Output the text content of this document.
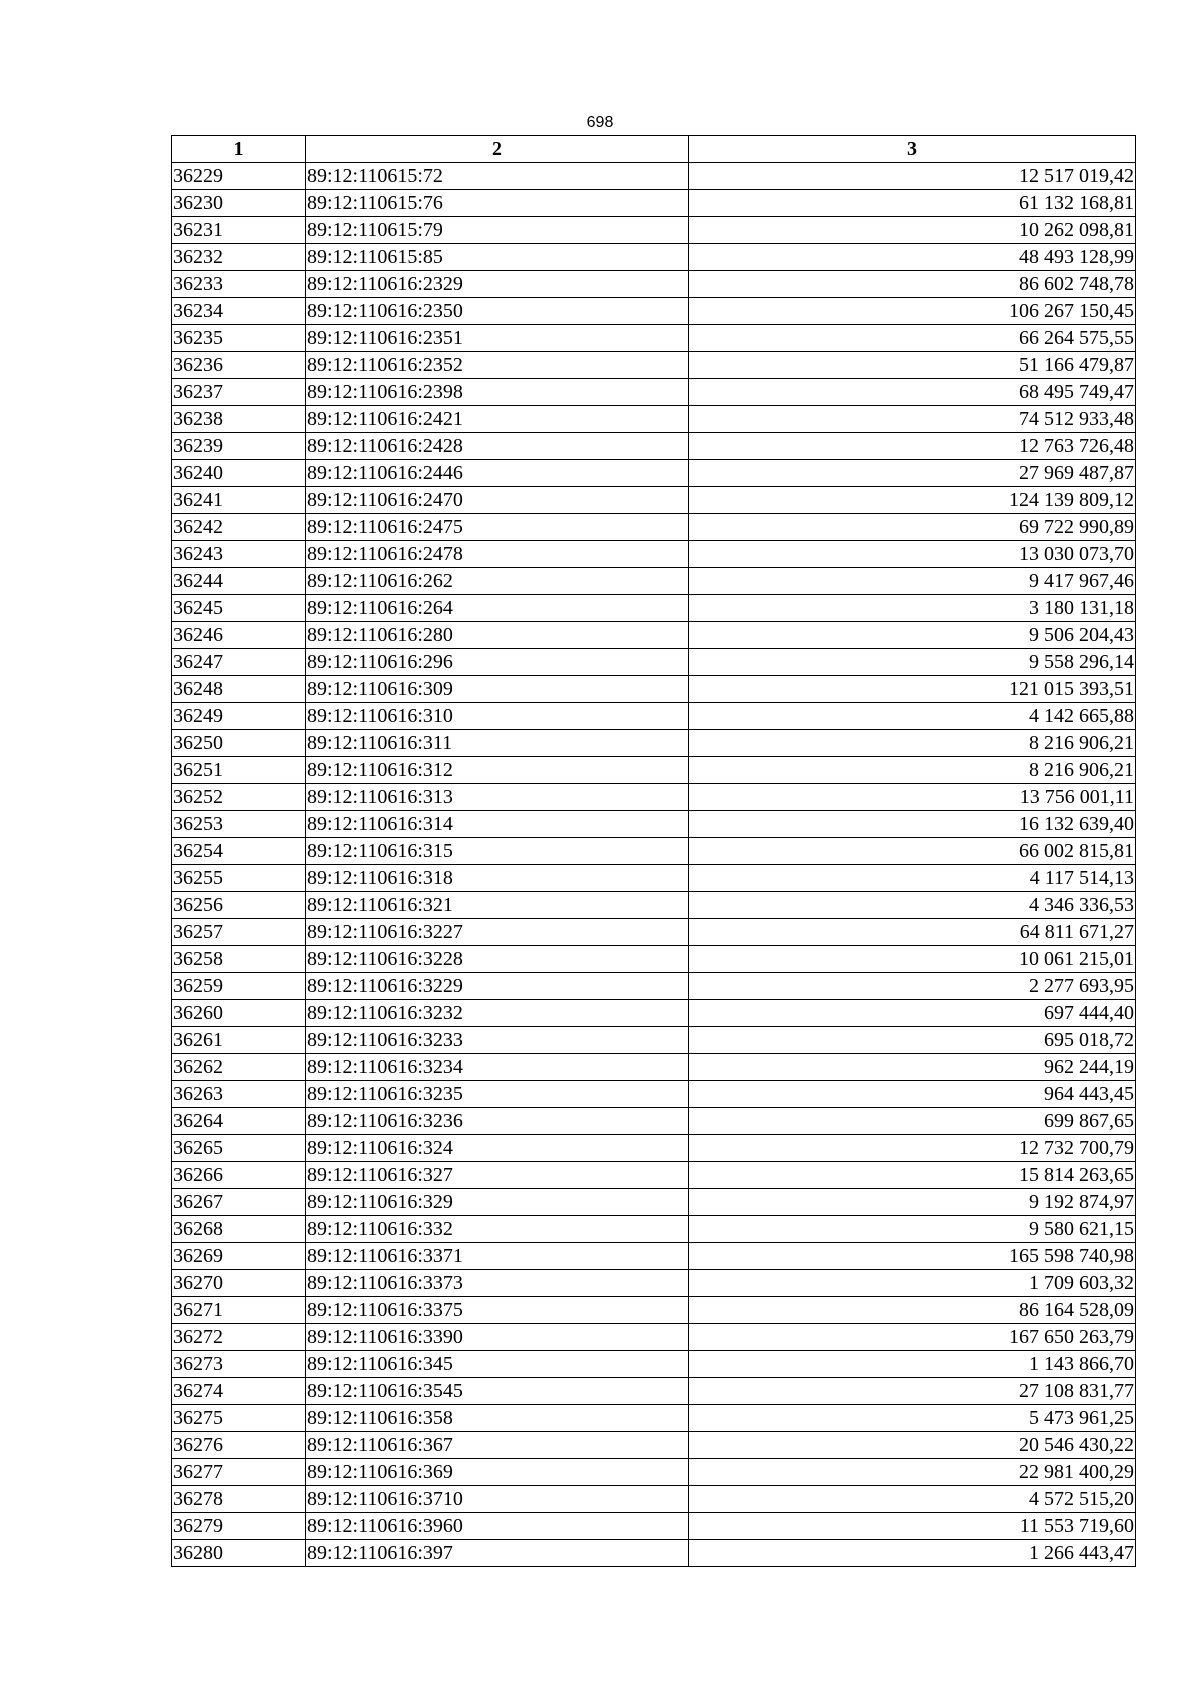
698
1	2	3
36229	89:12:110615:72	12 517 019,42
36230	89:12:110615:76	61 132 168,81
36231	89:12:110615:79	10 262 098,81
36232	89:12:110615:85	48 493 128,99
36233	89:12:110616:2329	86 602 748,78
36234	89:12:110616:2350	106 267 150,45
36235	89:12:110616:2351	66 264 575,55
36236	89:12:110616:2352	51 166 479,87
36237	89:12:110616:2398	68 495 749,47
36238	89:12:110616:2421	74 512 933,48
36239	89:12:110616:2428	12 763 726,48
36240	89:12:110616:2446	27 969 487,87
36241	89:12:110616:2470	124 139 809,12
36242	89:12:110616:2475	69 722 990,89
36243	89:12:110616:2478	13 030 073,70
36244	89:12:110616:262	9 417 967,46
36245	89:12:110616:264	3 180 131,18
36246	89:12:110616:280	9 506 204,43
36247	89:12:110616:296	9 558 296,14
36248	89:12:110616:309	121 015 393,51
36249	89:12:110616:310	4 142 665,88
36250	89:12:110616:311	8 216 906,21
36251	89:12:110616:312	8 216 906,21
36252	89:12:110616:313	13 756 001,11
36253	89:12:110616:314	16 132 639,40
36254	89:12:110616:315	66 002 815,81
36255	89:12:110616:318	4 117 514,13
36256	89:12:110616:321	4 346 336,53
36257	89:12:110616:3227	64 811 671,27
36258	89:12:110616:3228	10 061 215,01
36259	89:12:110616:3229	2 277 693,95
36260	89:12:110616:3232	697 444,40
36261	89:12:110616:3233	695 018,72
36262	89:12:110616:3234	962 244,19
36263	89:12:110616:3235	964 443,45
36264	89:12:110616:3236	699 867,65
36265	89:12:110616:324	12 732 700,79
36266	89:12:110616:327	15 814 263,65
36267	89:12:110616:329	9 192 874,97
36268	89:12:110616:332	9 580 621,15
36269	89:12:110616:3371	165 598 740,98
36270	89:12:110616:3373	1 709 603,32
36271	89:12:110616:3375	86 164 528,09
36272	89:12:110616:3390	167 650 263,79
36273	89:12:110616:345	1 143 866,70
36274	89:12:110616:3545	27 108 831,77
36275	89:12:110616:358	5 473 961,25
36276	89:12:110616:367	20 546 430,22
36277	89:12:110616:369	22 981 400,29
36278	89:12:110616:3710	4 572 515,20
36279	89:12:110616:3960	11 553 719,60
36280	89:12:110616:397	1 266 443,47
